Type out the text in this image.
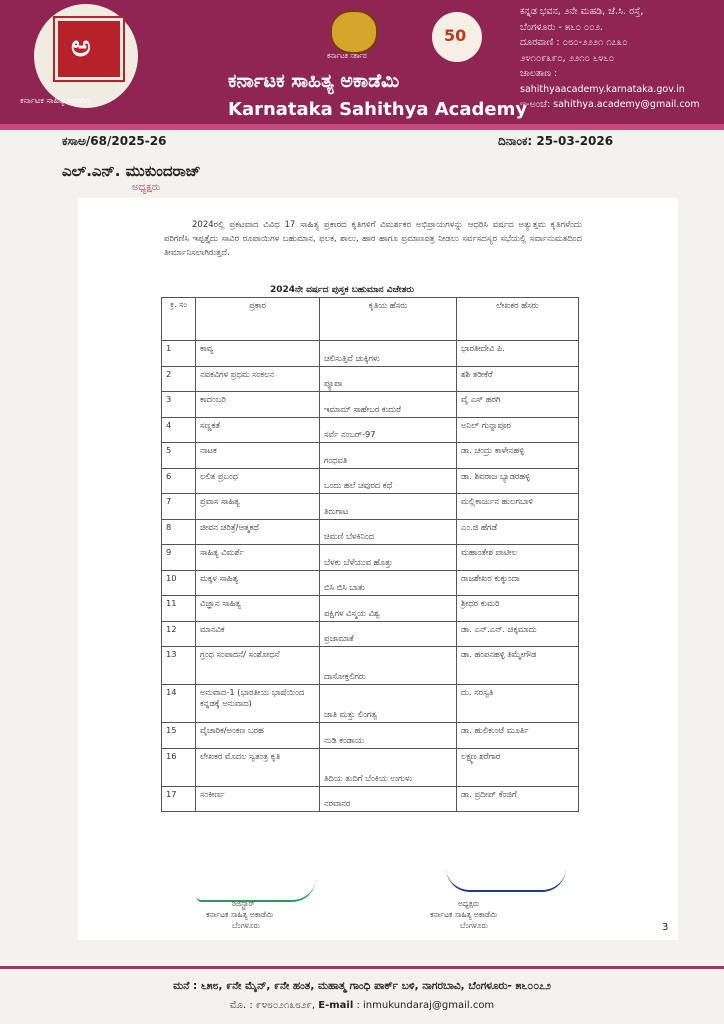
ಅ
ಕರ್ನಾಟಕ ಸಾಹಿತ್ಯ ಅಕಾಡೆಮಿ
ಕರ್ನಾಟಕ ಸರ್ಕಾರ
50
ಕರ್ನಾಟಕ ಸಾಹಿತ್ಯ ಅಕಾಡೆಮಿ
Karnataka Sahithya Academy
ಕನ್ನಡ ಭವನ, ೨ನೇ ಮಹಡಿ, ಜೆ.ಸಿ. ರಸ್ತೆ,
ಬೆಂಗಳೂರು - ೫೬೦ ೦೦೨.
ದೂರವಾಣಿ : ೦೮೦-೨೨೨೧ ೧೭೩೦
೨೪೧೦೯೩೯೦, ೨೨೧೦ ೬೪೬೦
ಜಾಲತಾಣ : sahithyaacademy.karnataka.gov.in
ಇ-ಅಂಚೆ: sahithya.academy@gmail.com
ಕಸಾಅ/68/2025-26	ದಿನಾಂಕ: 25-03-2026
ಎಲ್.ಎನ್. ಮುಕುಂದರಾಜ್
ಅಧ್ಯಕ್ಷರು
2024ರಲ್ಲಿ ಪ್ರಕಟವಾದ ವಿವಿಧ 17 ಸಾಹಿತ್ಯ ಪ್ರಕಾರದ ಕೃತಿಗಳಿಗೆ ವಿಮರ್ಶಕರ ಅಭಿಪ್ರಾಯಗಳನ್ನು ಆಧರಿಸಿ ವರ್ಷದ ಅತ್ಯುತ್ತಮ ಕೃತಿಗಳೆಂದು ಪರಿಗಣಿಸಿ ಇಪ್ಪತ್ತೈದು ಸಾವಿರ ರೂಪಾಯಿಗಳ ಬಹುಮಾನ, ಫಲಕ, ಶಾಲು, ಹಾರ ಹಾಗೂ ಪ್ರಮಾಣಪತ್ರ ನೀಡಲು ಸರ್ವಸದಸ್ಯರ ಸಭೆಯಲ್ಲಿ ಸರ್ವಾನುಮತದಿಂದ ತೀರ್ಮಾನಿಸಲಾಗಿರುತ್ತದೆ.
2024ನೇ ವರ್ಷದ ಪುಸ್ತಕ ಬಹುಮಾನ ವಿಜೇತರು
ಕ್ರ. ಸಂ	ಪ್ರಕಾರ	ಕೃತಿಯ ಹೆಸರು	ಲೇಖಕರ ಹೆಸರು
1	ಕಾವ್ಯ	ಚಲಿಸುತ್ತಿವೆ ಚುಕ್ಕಿಗಳು	ಭಾರತೀದೇವಿ ಪಿ.
2	ನವಕವಿಗಳ ಪ್ರಥಮ ಸಂಕಲನ	ಪ್ಯೂಪಾ	ಶಶಿ ತರೀಕೆರೆ
3	ಕಾದಂಬರಿ	ಇಮಾಮ್ ಸಾಹೇಬರ ಕುದುರೆ	ವೈ ಎಸ್ ಹರಗಿ
4	ಸಣ್ಣಕತೆ	ಸರ್ವೆ ನಂಬರ್-97	ಅನಿಲ್ ಗುನ್ನಾಪೂರ
5	ನಾಟಕ	ಗಂಧವತಿ	ಡಾ. ಚಂದ್ರು ಕಾಳೇನಹಳ್ಳಿ
6	ಲಲಿತ ಪ್ರಬಂಧ	ಒಂದು ಹಲೆ ಚವುರದ ಕಥೆ	ಡಾ. ಶಿವರಾಜ ಬ್ಯಾಡರಹಳ್ಳಿ
7	ಪ್ರವಾಸ ಸಾಹಿತ್ಯ	ತಿರುಗಾಟ	ಮಲ್ಲಿಕಾರ್ಜುನ ಹುಲಗಬಾಳಿ
8	ಜೀವನ ಚರಿತ್ರೆ/ಆತ್ಮಕಥೆ	ಚಿಮಣಿ ಬೆಳಕಿನಿಂದ	ಎಂ.ಜಿ ಹೆಗಡೆ
9	ಸಾಹಿತ್ಯ ವಿಮರ್ಶೆ	ಬೆಳಕು ಬೆಳೆಯುವ ಹೊತ್ತು	ಮಹಾಂತೇಶ ಪಾಟೀಲ
10	ಮಕ್ಕಳ ಸಾಹಿತ್ಯ	ಬಿಸಿ ಬಿಸಿ ಬಾತು	ರಾಜಶೇಖರ ಕುಕ್ಕುಂದಾ
11	ವಿಜ್ಞಾನ ಸಾಹಿತ್ಯ	ಪಕ್ಷಿಗಳ ವಿಸ್ಮಯ ವಿಶ್ವ	ಶ್ರೀಧರ ಕುಮರಿ
12	ಮಾನವಿಕ	ಪ್ರಜಾಮಾತೆ	ಡಾ. ಎನ್.ಎನ್. ಚಿಕ್ಕಮಾದು
13	ಗ್ರಂಥ ಸಂಪಾದನೆ/ ಸಂಶೋಧನೆ	ದಾಸೋಕ್ತಲಿಗರು	ಡಾ. ಹಂಪನಹಳ್ಳಿ ತಿಮ್ಮೇಗೌಡ
14	ಅನುವಾದ-1 (ಭಾರತೀಯ ಭಾಷೆಯಿಂದ ಕನ್ನಡಕ್ಕೆ ಅನುವಾದ)	ಜಾತಿ ಮತ್ತು ಲಿಂಗತ್ವ	ದು. ಸರಸ್ವತಿ
15	ವೈಚಾರಿಕ/ಅಂಕಣ ಬರಹ	ನುಡಿ ಕಂಡಾಯ	ಡಾ. ಹುಲಿಕುಂಟೆ ಮೂರ್ತಿ
16	ಲೇಖಕರ ಮೊದಲ ಸ್ವತಂತ್ರ ಕೃತಿ	ತಿದಿಯ ತುದಿಗೆ ಬೆಂಕಿಯ ಉಗುಳು	ಲಕ್ಷ್ಮಣ ಶರೆಗಾರ
17	ಸಂಕೀರ್ಣ	ನರವಾನರ	ಡಾ. ಪ್ರದೀಪ್ ಕೆಂಜಿಗೆ
ರಿಜಿಸ್ಟ್ರಾರ್
ಕರ್ನಾಟಕ ಸಾಹಿತ್ಯ ಅಕಾಡೆಮಿ
ಬೆಂಗಳೂರು
ಅಧ್ಯಕ್ಷರು
ಕರ್ನಾಟಕ ಸಾಹಿತ್ಯ ಅಕಾಡೆಮಿ
ಬೆಂಗಳೂರು	3
ಮನೆ : ೬೫೮, ೯ನೇ ಮೈನ್, ೯ನೇ ಹಂತ, ಮಹಾತ್ಮ ಗಾಂಧಿ ಪಾರ್ಕ್ ಬಳಿ, ನಾಗರಬಾವಿ, ಬೆಂಗಳೂರು- ೫೬೦೦೭೨
ಮೊ. : ೯೪೮೦೨೧೩೮೨೯, E-mail : inmukundaraj@gmail.com
